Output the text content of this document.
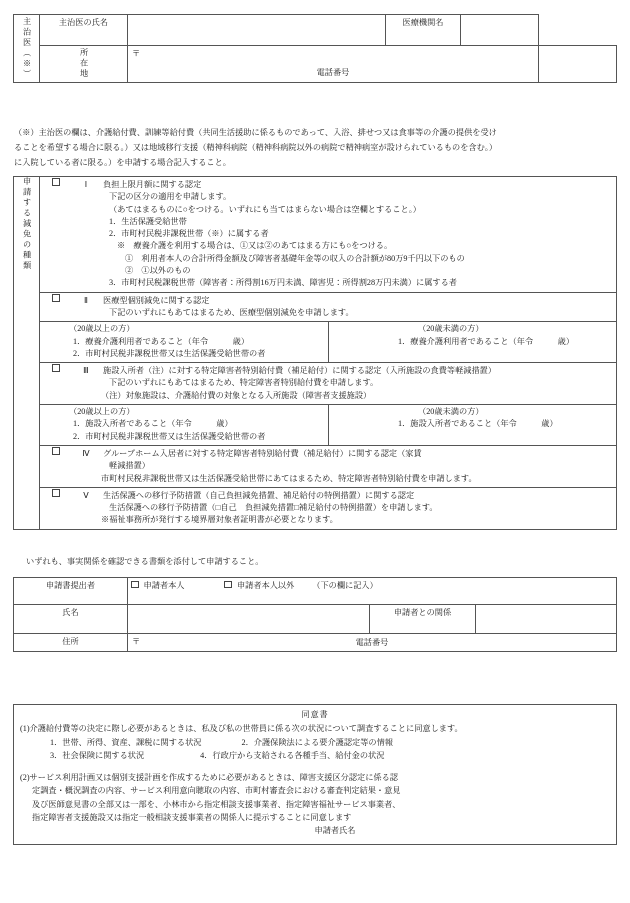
主治医（※）	主治医の氏名		医療機関名		

	所在地	〒
電話番号			

（※）主治医の欄は、介護給付費、訓練等給付費（共同生活援助に係るものであって、入浴、排せつ又は食事等の介護の提供を受け

ることを希望する場合に限る。）又は地域移行支援（精神科病院（精神科病院以外の病院で精神病室が設けられているものを含む。）

に入院している者に限る。）を申請する場合記入すること。

申請する減免の種類	Ⅰ 負担上限月額に関する認定
下記の区分の適用を申請します。
（あてはまるものに○をつける。いずれにも当てはまらない場合は空欄とすること。）
1．生活保護受給世帯
2．市町村民税非課税世帯（※）に属する者
※　療養介護を利用する場合は、①又は②のあてはまる方にも○をつける。
①　利用者本人の合計所得金額及び障害者基礎年金等の収入の合計額が80万9千円以下のもの
②　①以外のもの
3．市町村民税課税世帯（障害者：所得割16万円未満、障害児：所得割28万円未満）に属する者

	Ⅱ 医療型個別減免に関する認定
下記のいずれにもあてはまるため、医療型個別減免を申請します。	

（20歳以上の方）
1．療養介護利用者であること（年令　　　歳）
2．市町村民税非課税世帯又は生活保護受給世帯の者

（20歳未満の方）
1．療養介護利用者であること（年令　　　歳）

	Ⅲ 施設入所者（注）に対する特定障害者特別給付費（補足給付）に関する認定（入所施設の食費等軽減措置）
下記のいずれにもあてはまるため、特定障害者特別給付費を申請します。
（注）対象施設は、介護給付費の対象となる入所施設（障害者支援施設）	

（20歳以上の方）
1．施設入所者であること（年令　　　歳）
2．市町村民税非課税世帯又は生活保護受給世帯の者

（20歳未満の方）
1．施設入所者であること（年令　　　歳）

	Ⅳ グループホーム入居者に対する特定障害者特別給付費（補足給付）に関する認定（家賃
軽減措置）
市町村民税非課税世帯又は生活保護受給世帯にあてはまるため、特定障害者特別給付費を申請します。	

	Ⅴ 生活保護への移行予防措置（自己負担減免措置、補足給付の特例措置）に関する認定
生活保護への移行予防措置（□自己　負担減免措置□補足給付の特例措置）を申請します。
※福祉事務所が発行する境界層対象者証明書が必要となります。	
いずれも、事実関係を確認できる書類を添付して申請すること。
申請書提出者	申請者本人 申請者本人以外 （下の欄に記入）		
氏名		申請者との関係	
住所	〒 電話番号		

同意書

(1)介護給付費等の決定に際し必要があるときは、私及び私の世帯員に係る次の状況について調査することに同意します。

1．世帯、所得、資産、課税に関する状況	2．介護保険法による要介護認定等の情報

3．社会保険に関する状況	4．行政庁から支給される各種手当、給付金の状況

(2)サービス利用計画又は個別支援計画を作成するために必要があるときは、障害支援区分認定に係る認

定調査・概況調査の内容、サービス利用意向聴取の内容、市町村審査会における審査判定結果・意見

及び医師意見書の全部又は一部を、小林市から指定相談支援事業者、指定障害福祉サービス事業者、

指定障害者支援施設又は指定一般相談支援事業者の関係人に提示することに同意します

申請者氏名
